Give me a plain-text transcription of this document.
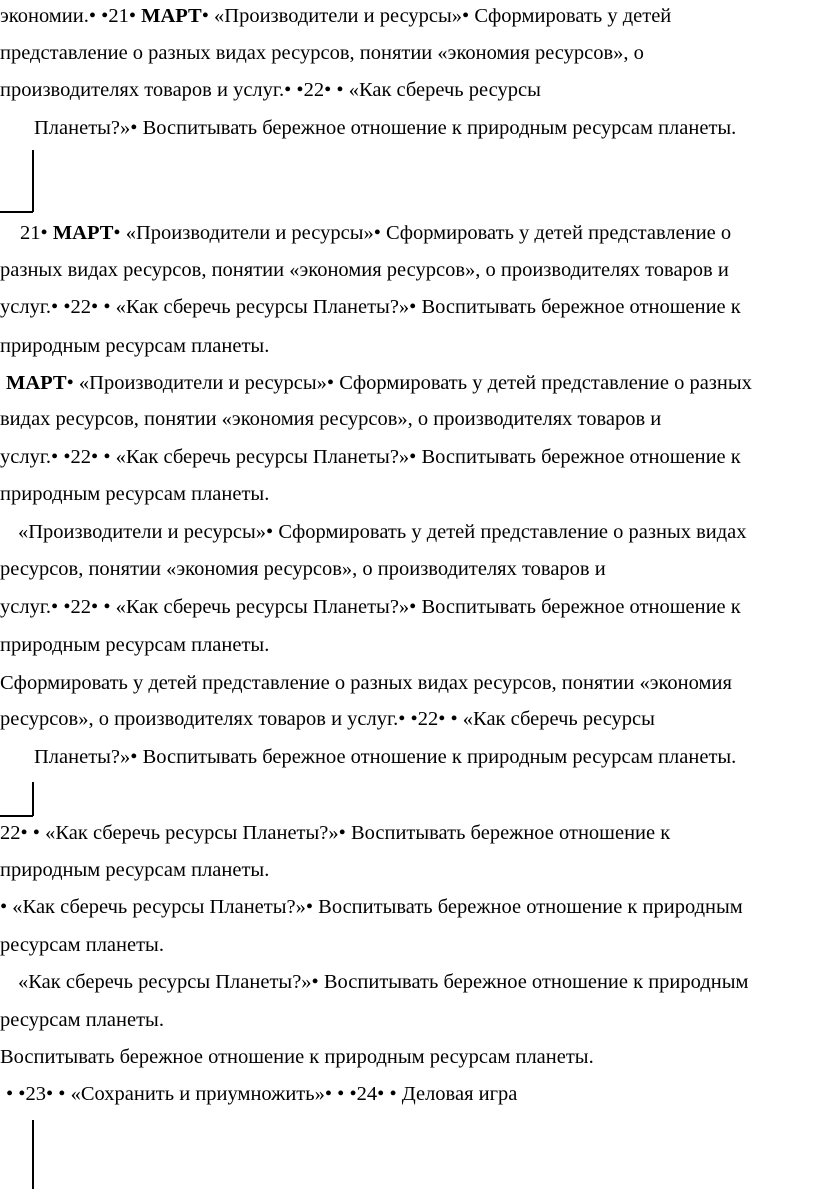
экономии.• •21• МАРТ• «Производители и ресурсы»• Сформировать у детей
представление о разных видах ресурсов, понятии «экономия ресурсов», о
производителях товаров и услуг.• •22• • «Как сберечь ресурсы
Планеты?»• Воспитывать бережное отношение к природным ресурсам планеты.
21• МАРТ• «Производители и ресурсы»• Сформировать у детей представление о
разных видах ресурсов, понятии «экономия ресурсов», о производителях товаров и
услуг.• •22• • «Как сберечь ресурсы Планеты?»• Воспитывать бережное отношение к
природным ресурсам планеты.
МАРТ• «Производители и ресурсы»• Сформировать у детей представление о разных
видах ресурсов, понятии «экономия ресурсов», о производителях товаров и
услуг.• •22• • «Как сберечь ресурсы Планеты?»• Воспитывать бережное отношение к
природным ресурсам планеты.
«Производители и ресурсы»• Сформировать у детей представление о разных видах
ресурсов, понятии «экономия ресурсов», о производителях товаров и
услуг.• •22• • «Как сберечь ресурсы Планеты?»• Воспитывать бережное отношение к
природным ресурсам планеты.
Сформировать у детей представление о разных видах ресурсов, понятии «экономия
ресурсов», о производителях товаров и услуг.• •22• • «Как сберечь ресурсы
Планеты?»• Воспитывать бережное отношение к природным ресурсам планеты.
22• • «Как сберечь ресурсы Планеты?»• Воспитывать бережное отношение к
природным ресурсам планеты.
• «Как сберечь ресурсы Планеты?»• Воспитывать бережное отношение к природным
ресурсам планеты.
«Как сберечь ресурсы Планеты?»• Воспитывать бережное отношение к природным
ресурсам планеты.
Воспитывать бережное отношение к природным ресурсам планеты.
• •23• • «Сохранить и приумножить»• • •24• • Деловая игра
